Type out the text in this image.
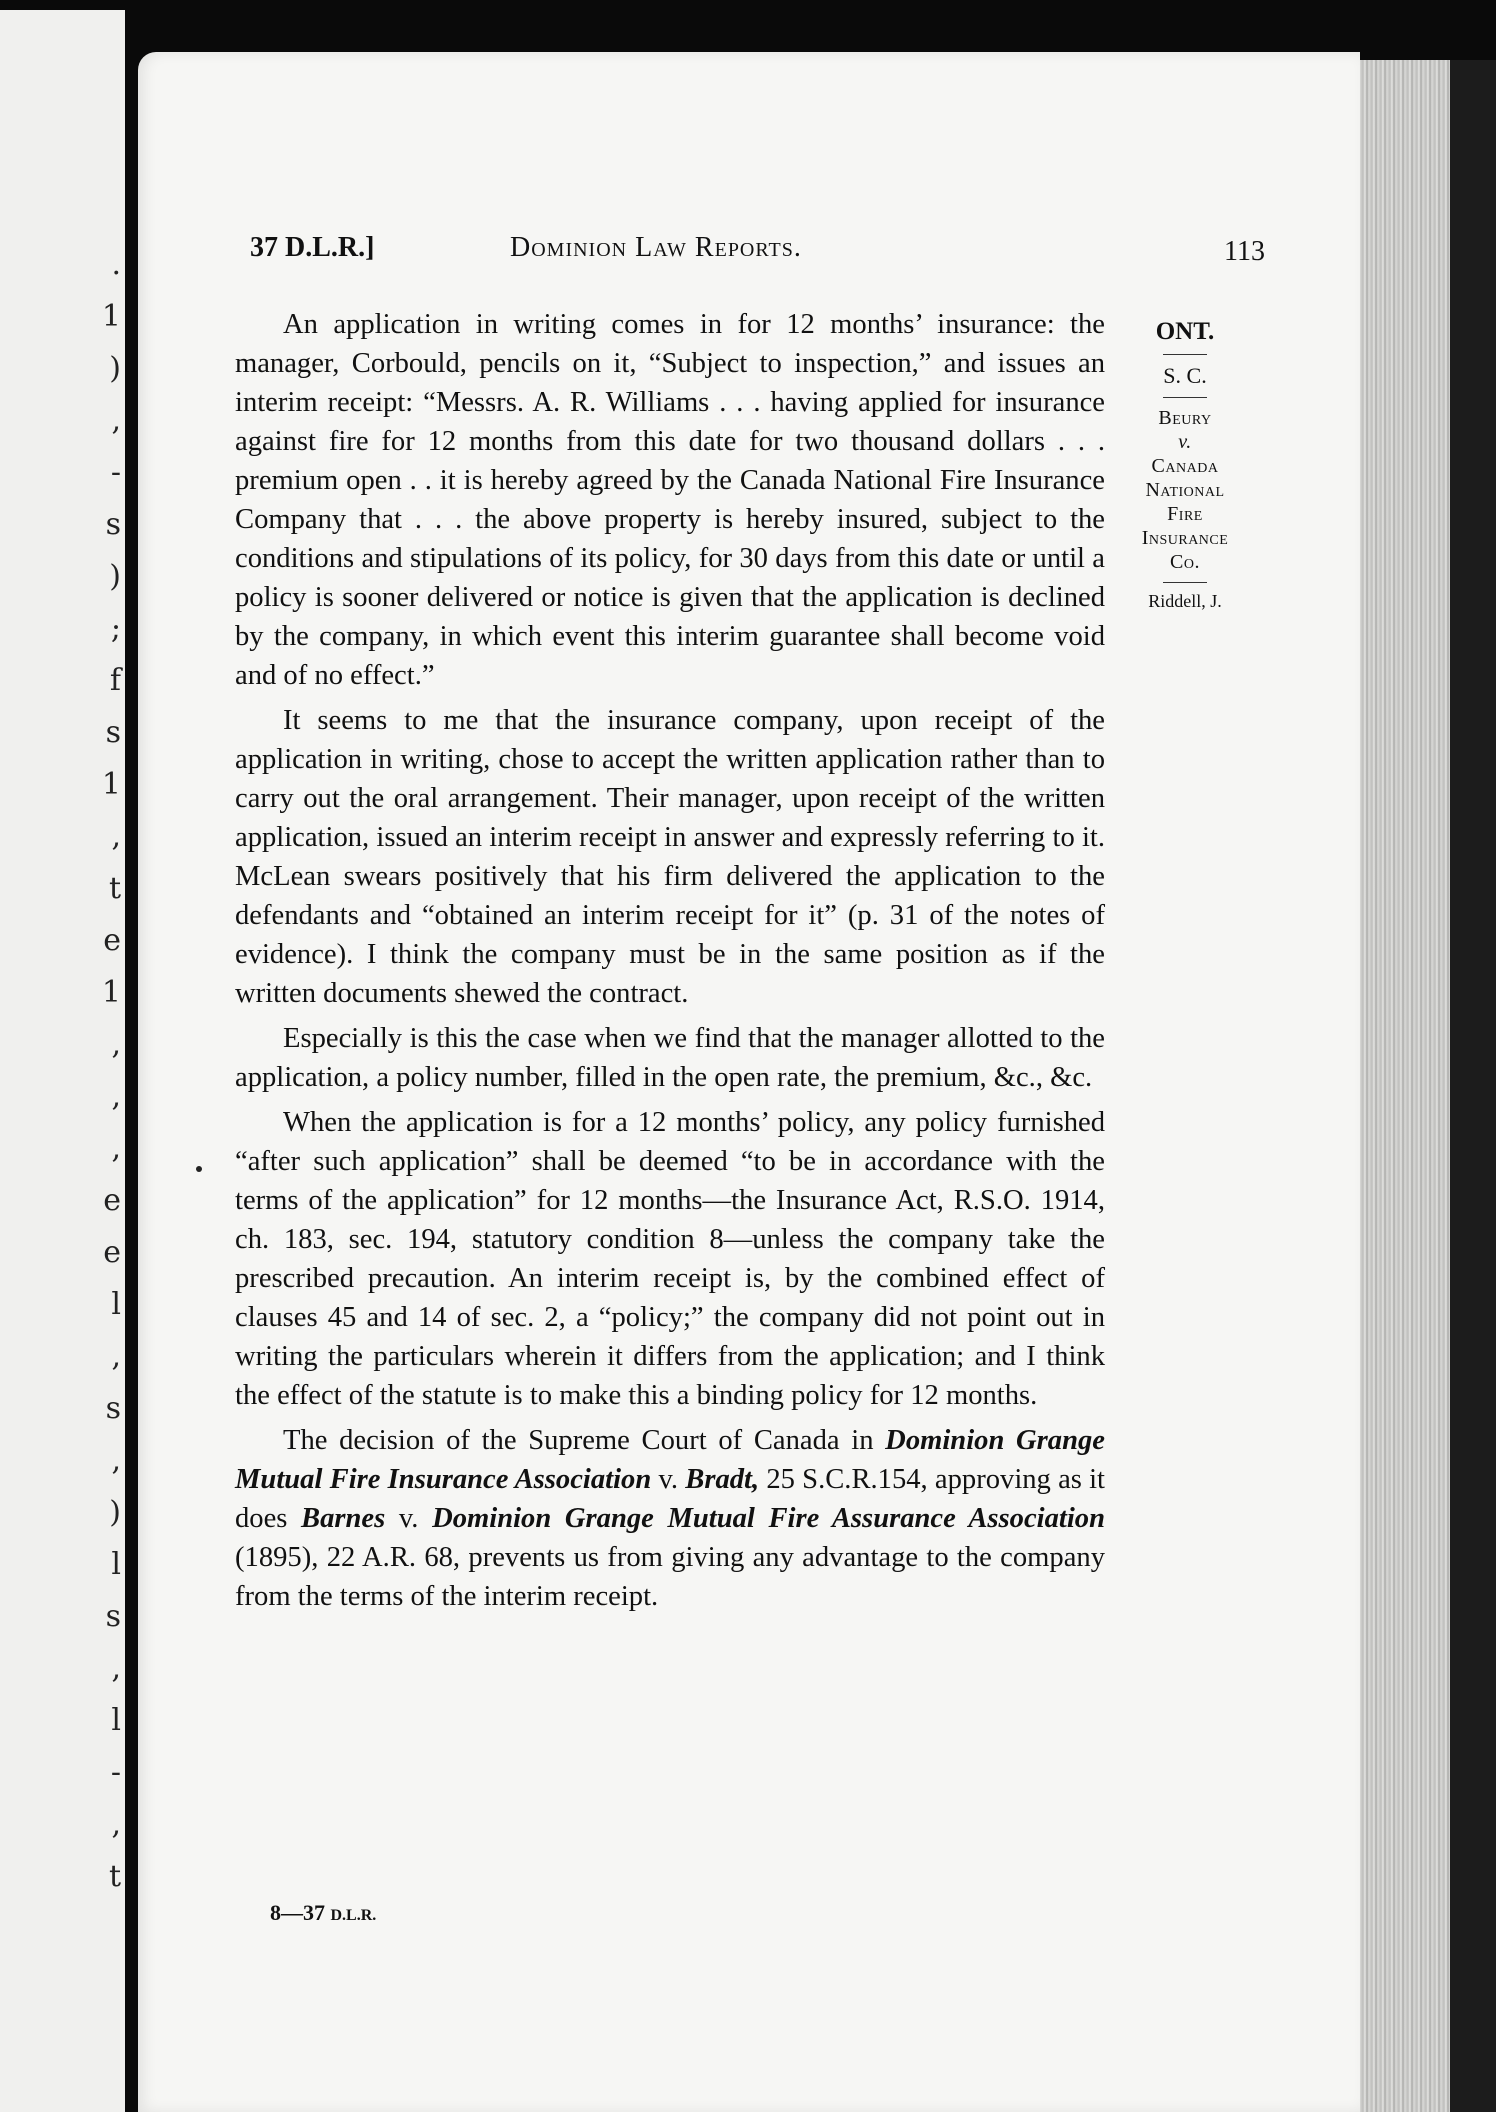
.
1
)
,
-
s
)
;
f
s
1
,
t
e
1
,
,
,
e
e
l
,
s
,
)
l
s
,
l
-
,
t
37 D.L.R.]	Dominion Law Reports.	113
ONT.
S. C.
Beury
v.
Canada
National
Fire
Insurance
Co.
Riddell, J.

An application in writing comes in for 12 months’ insurance: the manager, Corbould, pencils on it, “Subject to inspection,” and issues an interim receipt: “Messrs. A. R. Williams . . . having applied for insurance against fire for 12 months from this date for two thousand dollars . . . premium open . . it is hereby agreed by the Canada National Fire Insurance Company that . . . the above property is hereby insured, subject to the conditions and stipulations of its policy, for 30 days from this date or until a policy is sooner delivered or notice is given that the application is declined by the company, in which event this interim guarantee shall become void and of no effect.”

It seems to me that the insurance company, upon receipt of the application in writing, chose to accept the written application rather than to carry out the oral arrangement. Their manager, upon receipt of the written application, issued an interim receipt in answer and expressly referring to it. McLean swears positively that his firm delivered the application to the defendants and “obtained an interim receipt for it” (p. 31 of the notes of evidence). I think the company must be in the same position as if the written documents shewed the contract.

Especially is this the case when we find that the manager allotted to the application, a policy number, filled in the open rate, the premium, &c., &c.

When the application is for a 12 months’ policy, any policy furnished “after such application” shall be deemed “to be in accordance with the terms of the application” for 12 months—the Insurance Act, R.S.O. 1914, ch. 183, sec. 194, statutory condition 8—unless the company take the prescribed precaution. An interim receipt is, by the combined effect of clauses 45 and 14 of sec. 2, a “policy;” the company did not point out in writing the particulars wherein it differs from the application; and I think the effect of the statute is to make this a binding policy for 12 months.

The decision of the Supreme Court of Canada in Dominion Grange Mutual Fire Insurance Association v. Bradt, 25 S.C.R.154, approving as it does Barnes v. Dominion Grange Mutual Fire Assurance Association (1895), 22 A.R. 68, prevents us from giving any advantage to the company from the terms of the interim receipt.

8—37 D.L.R.
